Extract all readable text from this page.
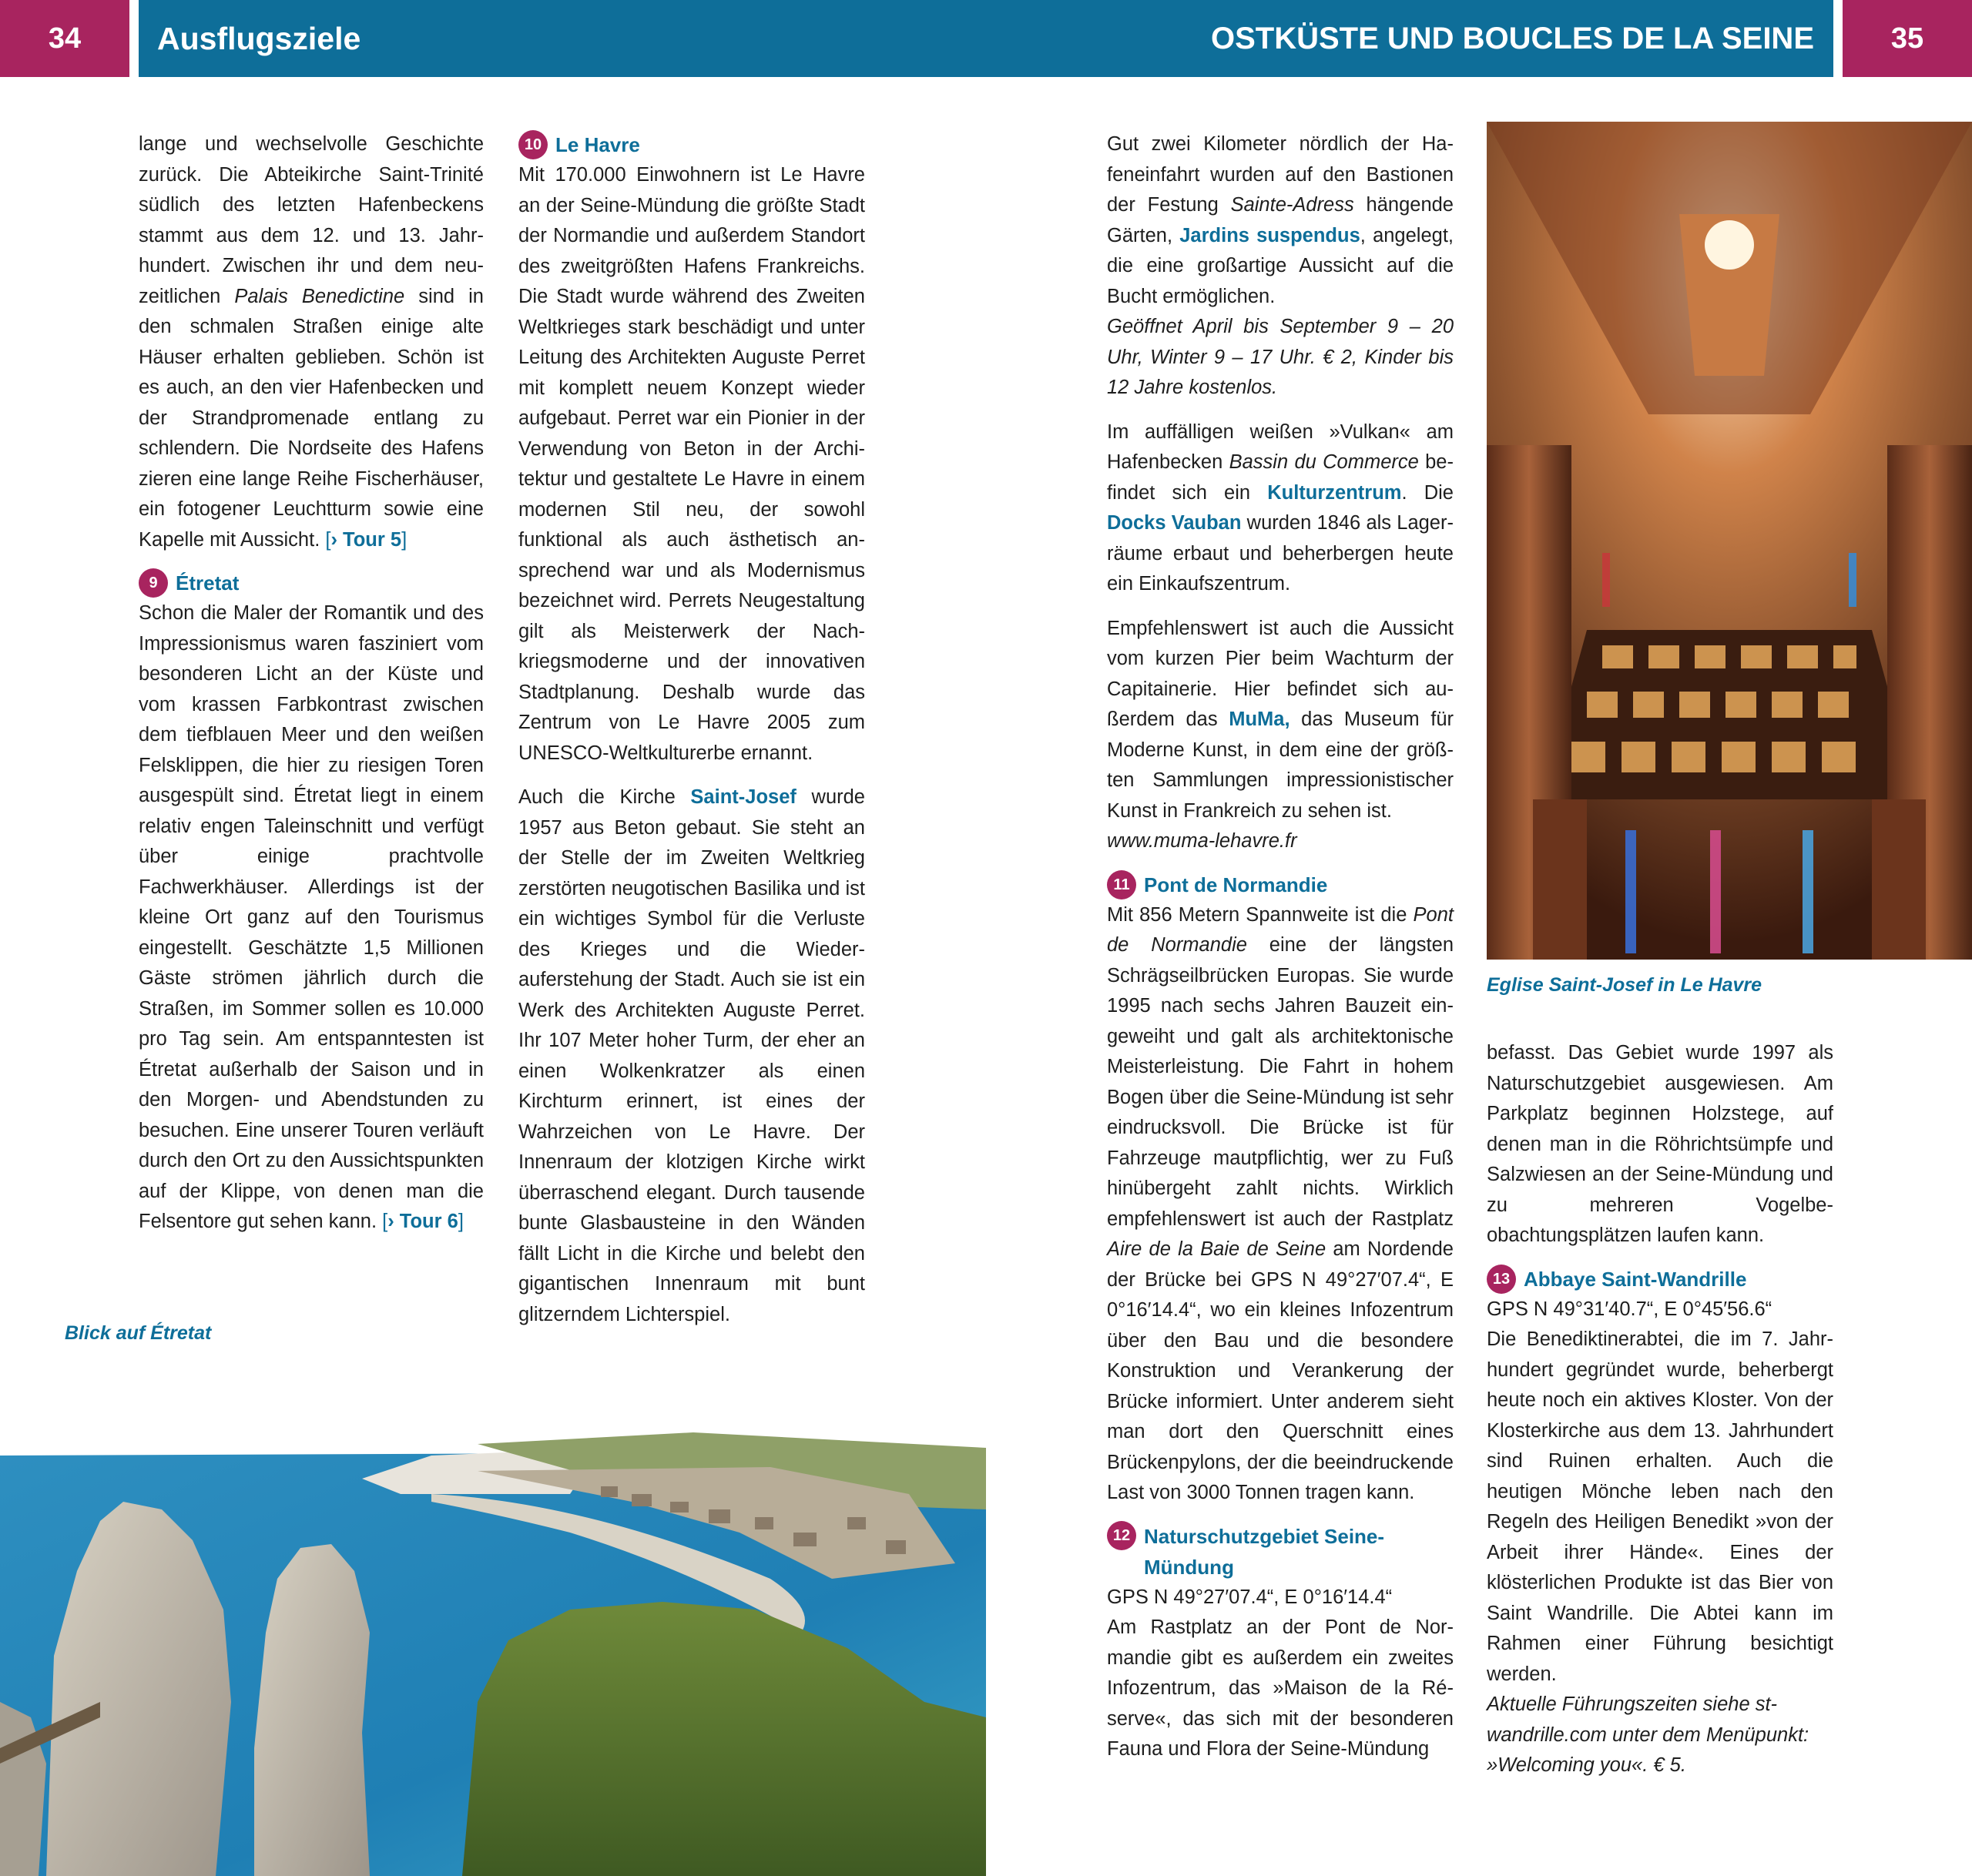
34	Ausflugsziele	OSTKÜSTE UND BOUCLES DE LA SEINE	35

lange und wechselvolle Geschichte zurück. Die Abteikirche Saint-Trinité südlich des letzten Hafenbeckens stammt aus dem 12. und 13. Jahrhundert. Zwischen ihr und dem neuzeitlichen Palais Benedictine sind in den schmalen Straßen einige alte Häuser erhalten geblieben. Schön ist es auch, an den vier Hafenbecken und der Strandpromenade entlang zu schlendern. Die Nordseite des Hafens zieren eine lange Reihe Fischerhäuser, ein fotogener Leuchtturm sowie eine Kapelle mit Aussicht. [› Tour 5]

9 Étretat

Schon die Maler der Romantik und des Impressionismus waren fasziniert vom besonderen Licht an der Küste und vom krassen Farbkontrast zwischen dem tiefblauen Meer und den weißen Felsklippen, die hier zu riesigen Toren ausgespült sind. Étretat liegt in einem relativ engen Taleinschnitt und verfügt über einige prachtvolle Fachwerkhäuser. Allerdings ist der kleine Ort ganz auf den Tourismus eingestellt. Geschätzte 1,5 Millionen Gäste strömen jährlich durch die Straßen, im Sommer sollen es 10.000 pro Tag sein. Am entspanntesten ist Étretat außerhalb der Saison und in den Morgen- und Abendstunden zu besuchen. Eine unserer Touren verläuft durch den Ort zu den Aussichtspunkten auf der Klippe, von denen man die Felsentore gut sehen kann. [› Tour 6]

Blick auf Étretat
10 Le Havre

Mit 170.000 Einwohnern ist Le Havre an der Seine-Mündung die größte Stadt der Normandie und außerdem Standort des zweitgrößten Hafens Frankreichs. Die Stadt wurde während des Zweiten Weltkrieges stark beschädigt und unter Leitung des Architekten Auguste Perret mit komplett neuem Konzept wieder aufgebaut. Perret war ein Pionier in der Verwendung von Beton in der Architektur und gestaltete Le Havre in einem modernen Stil neu, der sowohl funktional als auch ästhetisch ansprechend war und als Modernismus bezeichnet wird. Perrets Neugestaltung gilt als Meisterwerk der Nachkriegsmoderne und der innovativen Stadtplanung. Deshalb wurde das Zentrum von Le Havre 2005 zum UNESCO-Weltkulturerbe ernannt.

Auch die Kirche Saint-Josef wurde 1957 aus Beton gebaut. Sie steht an der Stelle der im Zweiten Weltkrieg zerstörten neugotischen Basilika und ist ein wichtiges Symbol für die Verluste des Krieges und die Wiederauferstehung der Stadt. Auch sie ist ein Werk des Architekten Auguste Perret. Ihr 107 Meter hoher Turm, der eher an einen Wolkenkratzer als einen Kirchturm erinnert, ist eines der Wahrzeichen von Le Havre. Der Innenraum der klotzigen Kirche wirkt überraschend elegant. Durch tausende bunte Glasbausteine in den Wänden fällt Licht in die Kirche und belebt den gigantischen Innenraum mit bunt glitzerndem Lichterspiel.

Gut zwei Kilometer nördlich der Hafeneinfahrt wurden auf den Bastionen der Festung Sainte-Adress hängende Gärten, Jardins suspendus, angelegt, die eine großartige Aussicht auf die Bucht ermöglichen.
Geöffnet April bis September 9 – 20 Uhr, Winter 9 – 17 Uhr. € 2, Kinder bis 12 Jahre kostenlos.

Im auffälligen weißen »Vulkan« am Hafenbecken Bassin du Commerce befindet sich ein Kulturzentrum. Die Docks Vauban wurden 1846 als Lagerräume erbaut und beherbergen heute ein Einkaufszentrum.

Empfehlenswert ist auch die Aussicht vom kurzen Pier beim Wachturm der Capitainerie. Hier befindet sich außerdem das MuMa, das Museum für Moderne Kunst, in dem eine der größten Sammlungen impressionistischer Kunst in Frankreich zu sehen ist.
www.muma-lehavre.fr

11 Pont de Normandie

Mit 856 Metern Spannweite ist die Pont de Normandie eine der längsten Schrägseilbrücken Europas. Sie wurde 1995 nach sechs Jahren Bauzeit eingeweiht und galt als architektonische Meisterleistung. Die Fahrt in hohem Bogen über die Seine-Mündung ist sehr eindrucksvoll. Die Brücke ist für Fahrzeuge mautpflichtig, wer zu Fuß hinübergeht zahlt nichts. Wirklich empfehlenswert ist auch der Rastplatz Aire de la Baie de Seine am Nordende der Brücke bei GPS N 49°27′07.4“, E 0°16′14.4“, wo ein kleines Infozentrum über den Bau und die besondere Konstruktion und Verankerung der Brücke informiert. Unter anderem sieht man dort den Querschnitt eines Brückenpylons, der die beeindruckende Last von 3000 Tonnen tragen kann.

12 Naturschutzgebiet Seine-Mündung

GPS N 49°27′07.4“, E 0°16′14.4“

Am Rastplatz an der Pont de Normandie gibt es außerdem ein zweites Infozentrum, das »Maison de la Réserve«, das sich mit der besonderen Fauna und Flora der Seine-Mündung

Eglise Saint-Josef in Le Havre

befasst. Das Gebiet wurde 1997 als Naturschutzgebiet ausgewiesen. Am Parkplatz beginnen Holzstege, auf denen man in die Röhrichtsümpfe und Salzwiesen an der Seine-Mündung und zu mehreren Vogelbeobachtungsplätzen laufen kann.

13 Abbaye Saint-Wandrille

GPS N 49°31′40.7“, E 0°45′56.6“

Die Benediktinerabtei, die im 7. Jahrhundert gegründet wurde, beherbergt heute noch ein aktives Kloster. Von der Klosterkirche aus dem 13. Jahrhundert sind Ruinen erhalten. Auch die heutigen Mönche leben nach den Regeln des Heiligen Benedikt »von der Arbeit ihrer Hände«. Eines der klösterlichen Produkte ist das Bier von Saint Wandrille. Die Abtei kann im Rahmen einer Führung besichtigt werden.

Aktuelle Führungszeiten siehe st-wandrille.com unter dem Menüpunkt: »Welcoming you«. € 5.
